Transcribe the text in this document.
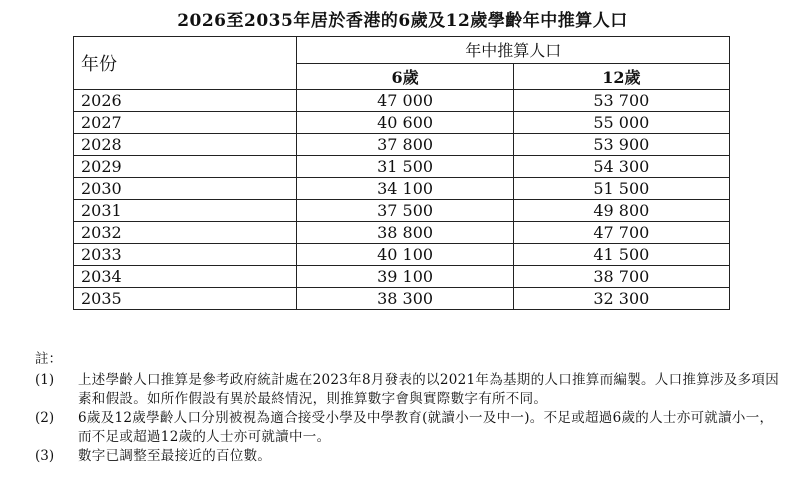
2026至2035年居於香港的6歲及12歲學齡年中推算人口
年份	年中推算人口	
	6歲	12歲
2026	47 000	53 700
2027	40 600	55 000
2028	37 800	53 900
2029	31 500	54 300
2030	34 100	51 500
2031	37 500	49 800
2032	38 800	47 700
2033	40 100	41 500
2034	39 100	38 700
2035	38 300	32 300
註：
(1)	上述學齡人口推算是參考政府統計處在2023年8月發表的以2021年為基期的人口推算而編製。人口推算涉及多項因素和假設。如所作假設有異於最終情況，則推算數字會與實際數字有所不同。
(2)	6歲及12歲學齡人口分別被視為適合接受小學及中學教育(就讀小一及中一)。不足或超過6歲的人士亦可就讀小一，而不足或超過12歲的人士亦可就讀中一。
(3)	數字已調整至最接近的百位數。
